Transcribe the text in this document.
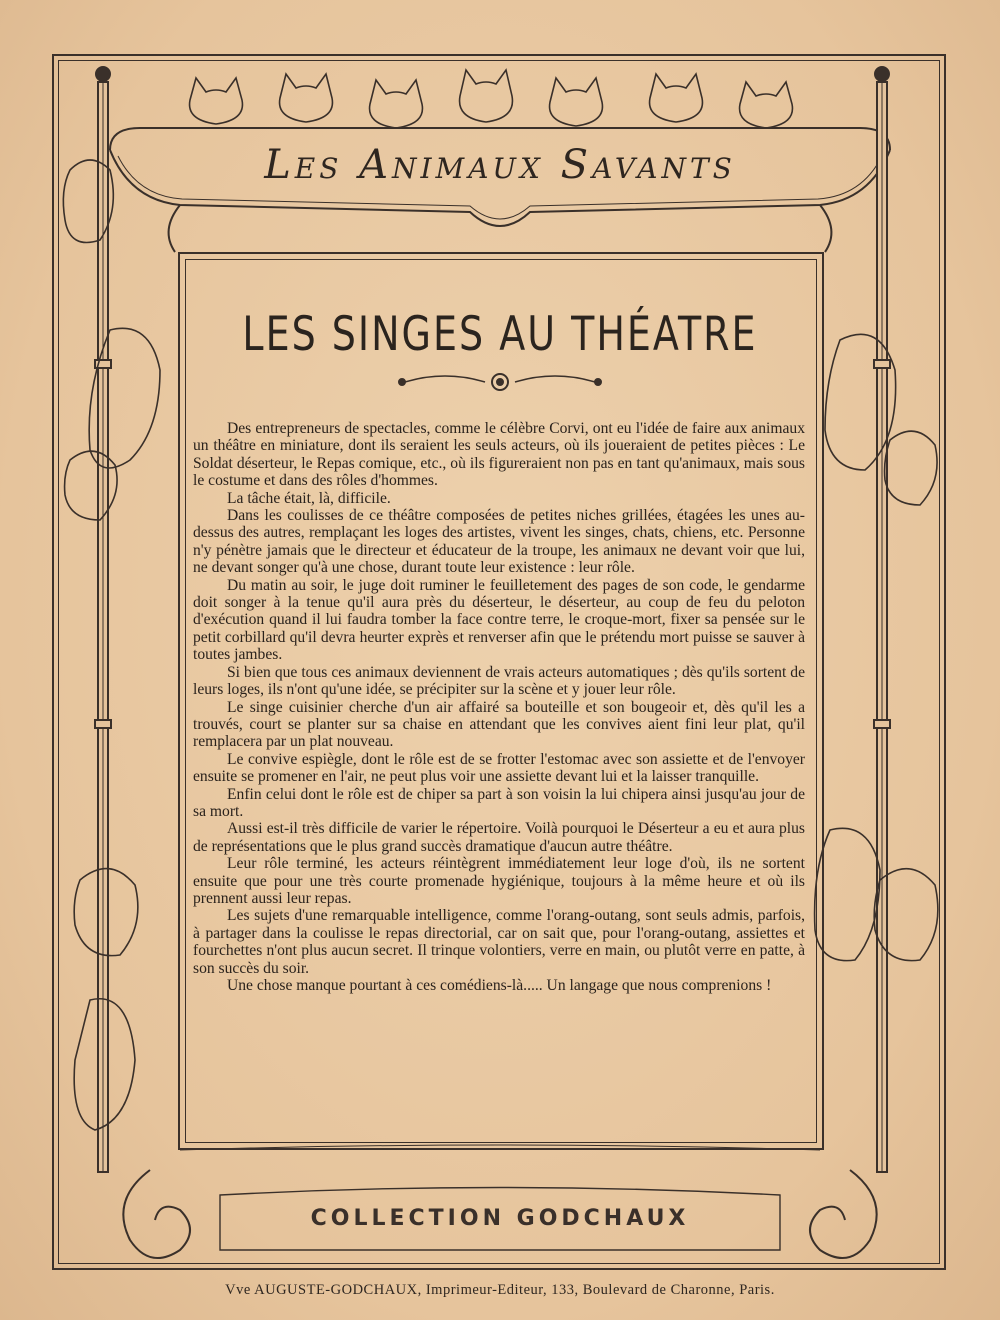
Les Animaux Savants
LES SINGES AU THÉATRE

Des entrepreneurs de spectacles, comme le célèbre Corvi, ont eu l'idée de faire aux animaux un théâtre en miniature, dont ils seraient les seuls acteurs, où ils joueraient de petites pièces : Le Soldat déserteur, le Repas comique, etc., où ils figureraient non pas en tant qu'animaux, mais sous le costume et dans des rôles d'hommes.

La tâche était, là, difficile.

Dans les coulisses de ce théâtre composées de petites niches grillées, étagées les unes au-dessus des autres, remplaçant les loges des artistes, vivent les singes, chats, chiens, etc. Personne n'y pénètre jamais que le directeur et éducateur de la troupe, les animaux ne devant voir que lui, ne devant songer qu'à une chose, durant toute leur existence : leur rôle.

Du matin au soir, le juge doit ruminer le feuilletement des pages de son code, le gendarme doit songer à la tenue qu'il aura près du déserteur, le déserteur, au coup de feu du peloton d'exécution quand il lui faudra tomber la face contre terre, le croque-mort, fixer sa pensée sur le petit corbillard qu'il devra heurter exprès et renverser afin que le prétendu mort puisse se sauver à toutes jambes.

Si bien que tous ces animaux deviennent de vrais acteurs automatiques ; dès qu'ils sortent de leurs loges, ils n'ont qu'une idée, se précipiter sur la scène et y jouer leur rôle.

Le singe cuisinier cherche d'un air affairé sa bouteille et son bougeoir et, dès qu'il les a trouvés, court se planter sur sa chaise en attendant que les convives aient fini leur plat, qu'il remplacera par un plat nouveau.

Le convive espiègle, dont le rôle est de se frotter l'estomac avec son assiette et de l'envoyer ensuite se promener en l'air, ne peut plus voir une assiette devant lui et la laisser tranquille.

Enfin celui dont le rôle est de chiper sa part à son voisin la lui chipera ainsi jusqu'au jour de sa mort.

Aussi est-il très difficile de varier le répertoire. Voilà pourquoi le Déserteur a eu et aura plus de représentations que le plus grand succès dramatique d'aucun autre théâtre.

Leur rôle terminé, les acteurs réintègrent immédiatement leur loge d'où, ils ne sortent ensuite que pour une très courte promenade hygiénique, toujours à la même heure et où ils prennent aussi leur repas.

Les sujets d'une remarquable intelligence, comme l'orang-outang, sont seuls admis, parfois, à partager dans la coulisse le repas directorial, car on sait que, pour l'orang-outang, assiettes et fourchettes n'ont plus aucun secret. Il trinque volontiers, verre en main, ou plutôt verre en patte, à son succès du soir.

Une chose manque pourtant à ces comédiens-là..... Un langage que nous comprenions !

COLLECTION GODCHAUX
Vve AUGUSTE-GODCHAUX, Imprimeur-Editeur, 133, Boulevard de Charonne, Paris.
